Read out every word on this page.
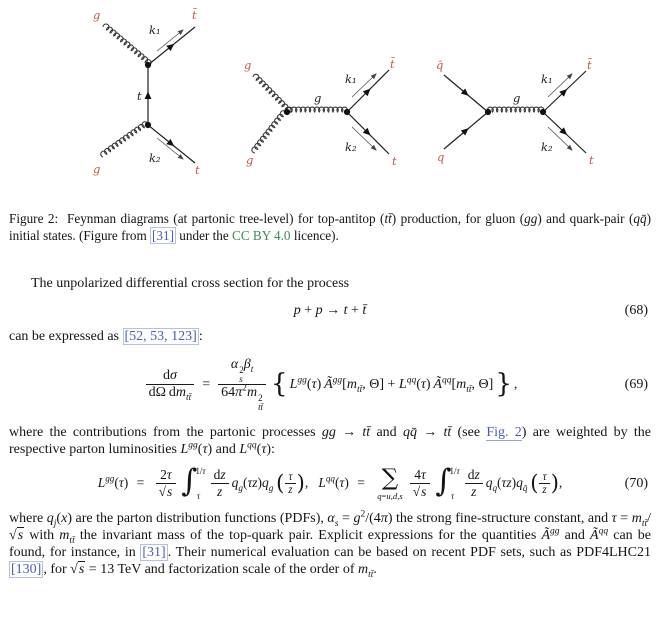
g
g
t̄
t
t
k₁
k₂
g
g
t̄
t
g
k₁
k₂
q̄
q
t̄
t
g
k₁
k₂

Figure 2: Feynman diagrams (at partonic tree-level) for top-antitop (tt̄) production, for gluon (gg) and quark-pair (qq̄) initial states. (Figure from [31] under the CC BY 4.0 licence).

The unpolarized differential cross section for the process

p + p → t + t̄	(68)

can be expressed as [52, 53, 123] :

$\frac{d\sigma}{d\Omega dm_{tt̄}} = \alpha$ 2
s
$\beta_t$
$64\pi^2m$ 2
tt̄ { $L^{gg}(\tau)$ $Ã^{gg}[m_{tt̄}$, $\Theta] + L^{qq}(\tau)$ $Ã^{qq}[m_{tt̄}$, Θ]} ,	(69)

where the contributions from the partonic processes gg → tt̄ and qq̄ → tt̄ (see Fig. 2) are weighted by the respective parton luminosities $L^{gg}(\tau)$ and $L^{qq}(\tau)$:

$L^{gg}(\tau) = \frac{2\tau}{√s}$ ∫
1/τ
τ $\frac{dz}{z} q_g(\tau z)q_g$  ( $\frac{\tau}{z}$ ),   $L^{qq}(\tau)$ = ∑
$q=u,d,s \frac{4\tau}{√s}$ ∫
1/τ
τ $\frac{dz}{z} q_q(\tau z)q_{q̄}$  ( $\frac{\tau}{z}$ ),	(70)

where $q_j(x)$ are the parton distribution functions (PDFs), $\alpha_s = g^2/(4\pi)$ the strong fine-structure constant, and $\tau = m_{tt̄}/√s$ with $m_{tt̄}$ the invariant mass of the top-quark pair. Explicit expressions for the quantities $Ã^{gg}$ and $Ã^{qq}$ can be found, for instance, in [31] . Their numerical evaluation can be based on recent PDF sets, such as PDF4LHC21 [130] , for √s = 13 TeV and factorization scale of the order of $m_{tt̄}$.
